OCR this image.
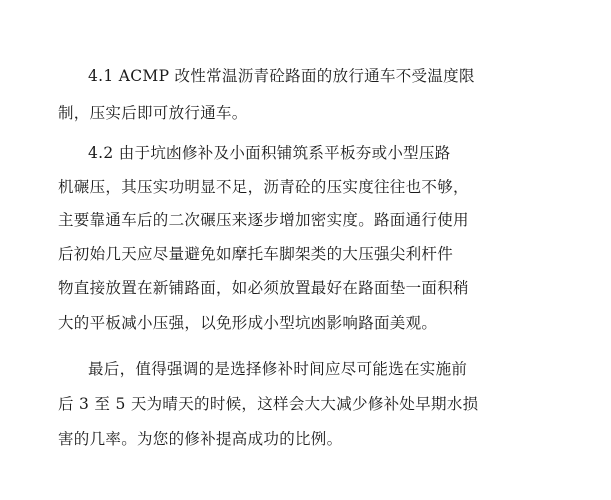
4.1 ACMP 改性常温沥青砼路面的放行通车不受温度限

制，压实后即可放行通车。

4.2 由于坑凼修补及小面积铺筑系平板夯或小型压路

机碾压，其压实功明显不足，沥青砼的压实度往往也不够，

主要靠通车后的二次碾压来逐步增加密实度。路面通行使用

后初始几天应尽量避免如摩托车脚架类的大压强尖利杆件

物直接放置在新铺路面，如必须放置最好在路面垫一面积稍

大的平板减小压强，以免形成小型坑凼影响路面美观。

最后，值得强调的是选择修补时间应尽可能选在实施前

后 3 至 5 天为晴天的时候，这样会大大减少修补处早期水损

害的几率。为您的修补提高成功的比例。
